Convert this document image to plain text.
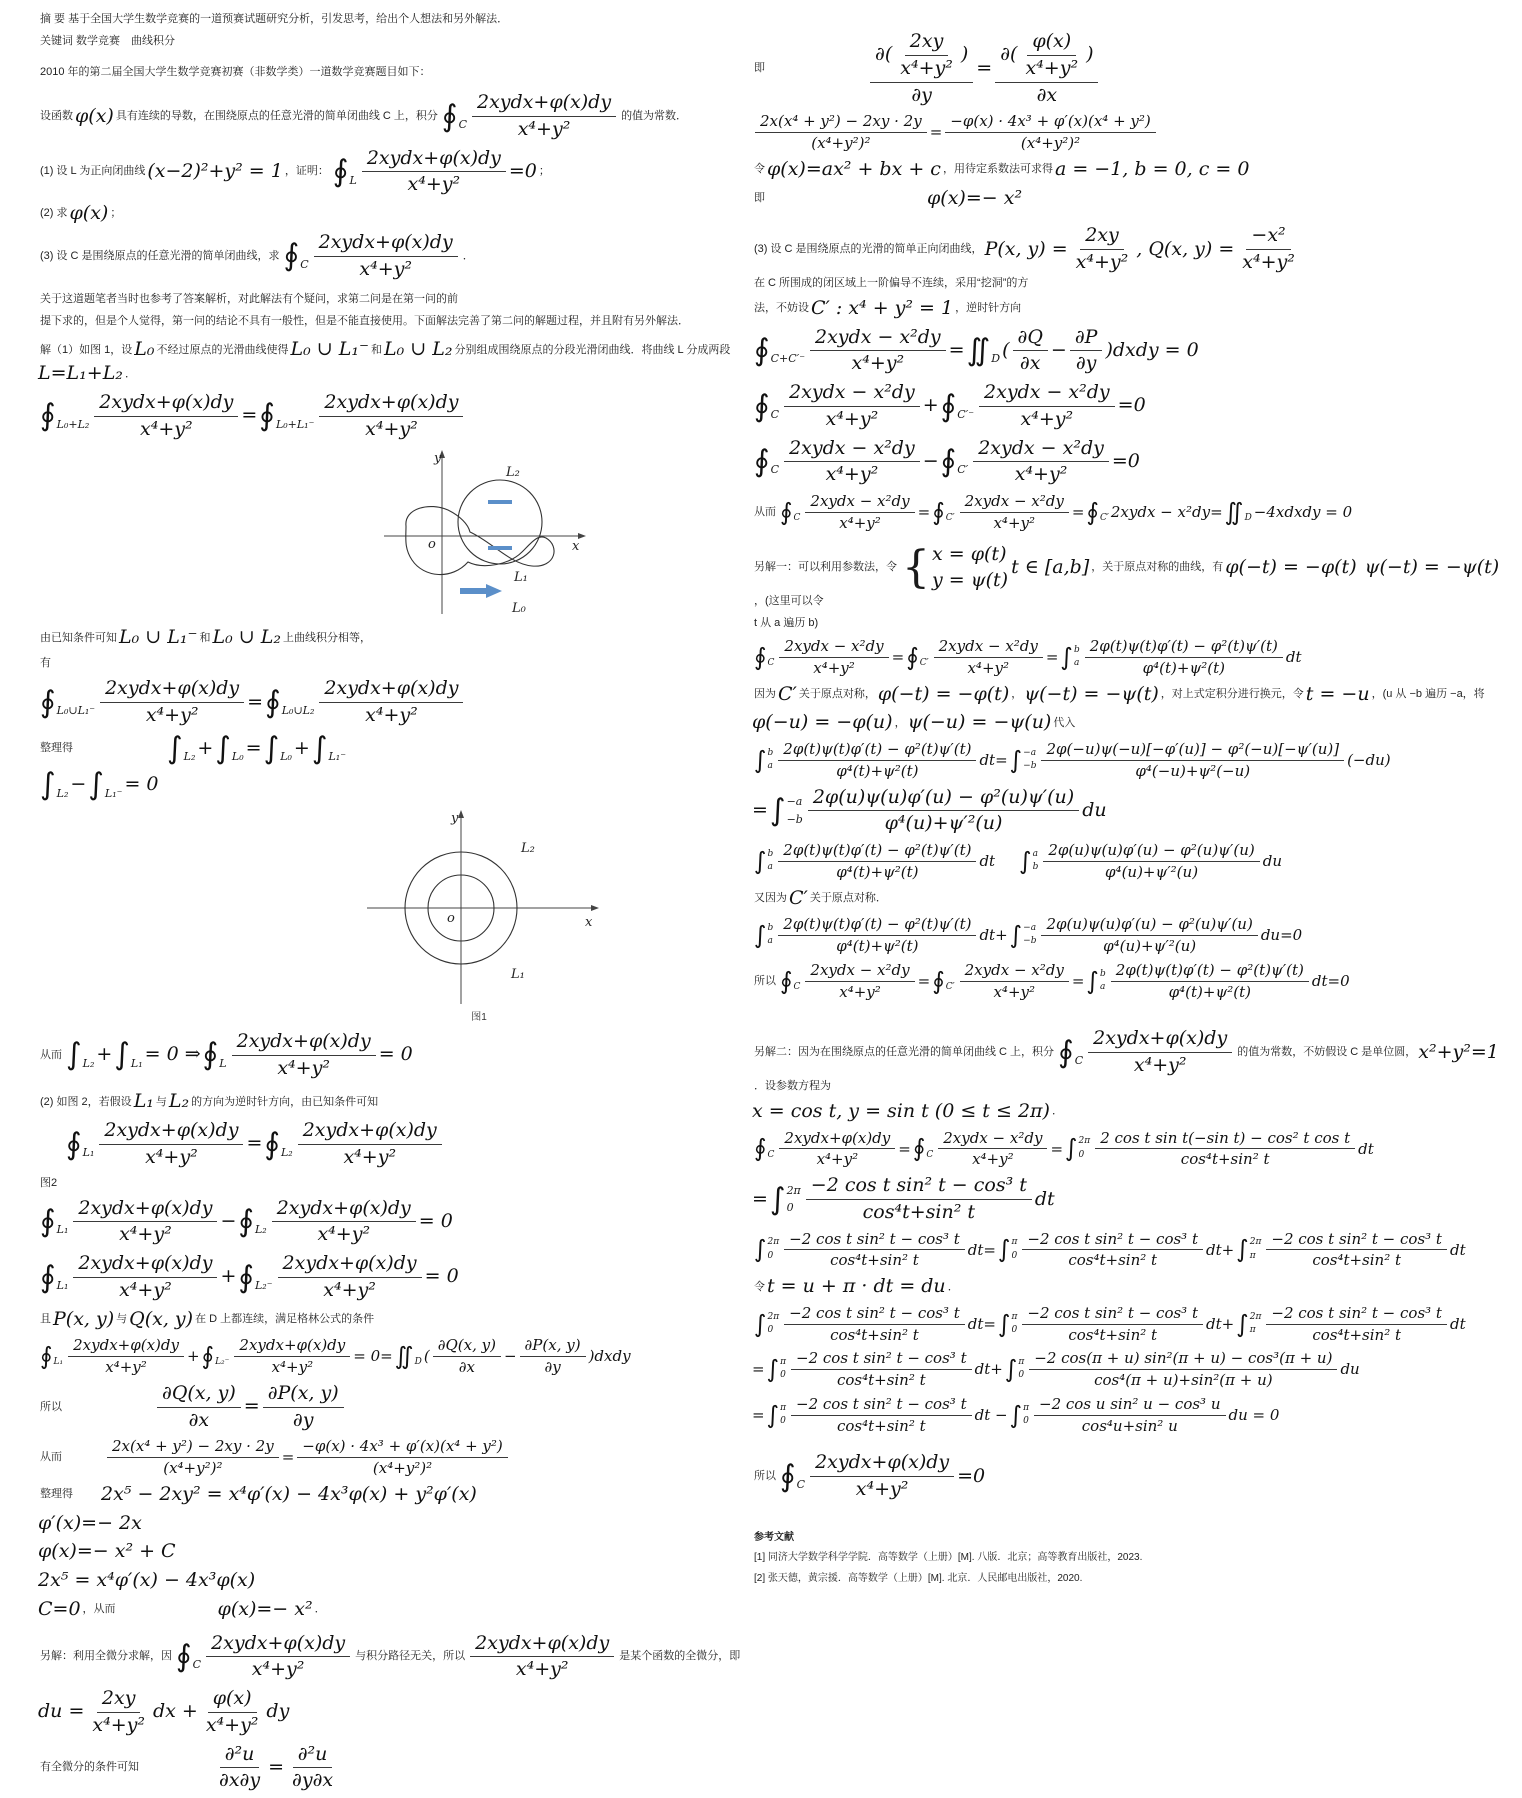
摘 要 基于全国大学生数学竞赛的一道预赛试题研究分析，引发思考，给出个人想法和另外解法．
关键词 数学竞赛　曲线积分
2010 年的第二届全国大学生数学竞赛初赛（非数学类）一道数学竞赛题目如下：
设函数 φ(x) 具有连续的导数，在围绕原点的任意光滑的简单闭曲线 C 上，积分 ∮ C $\frac{\text{2xydx+φ(x)dy}}{\text{x⁴+y²}}$ 的值为常数．
(1) 设 L 为正向闭曲线 (x−2)²+y² = 1 ，证明： ∮ L $\frac{\text{2xydx+φ(x)dy}}{\text{x⁴+y²}} =0$ ；
(2) 求 φ(x) ；
(3) 设 C 是围绕原点的任意光滑的简单闭曲线，求 ∮ C $\frac{\text{2xydx+φ(x)dy}}{\text{x⁴+y²}}$ ．
关于这道题笔者当时也参考了答案解析，对此解法有个疑问，求第二问是在第一问的前
提下求的，但是个人觉得，第一问的结论不具有一般性，但是不能直接使用。下面解法完善了第二问的解题过程，并且附有另外解法．
解（1）如图 1，设 L₀ 不经过原点的光滑曲线使得 L₀ ∪ L₁⁻ 和 L₀ ∪ L₂ 分别组成围绕原点的分段光滑闭曲线．将曲线 L 分成两段
L=L₁+L₂ ．
∮ $L_0+L_2 \frac{\text{2xydx+φ(x)dy}}{\text{x⁴+y²}}$ = ∮ $L_0+L_1^- \frac{\text{2xydx+φ(x)dy}}{\text{x⁴+y²}}$
y
x
o
L₂
L₁
L₀
由已知条件可知 L₀ ∪ L₁⁻ 和 L₀ ∪ L₂ 上曲线积分相等，
有
∮ L₀∪L₁⁻ $\frac{\text{2xydx+φ(x)dy}}{\text{x⁴+y²}}$ = ∮ L₀∪L₂ $\frac{\text{2xydx+φ(x)dy}}{\text{x⁴+y²}}$
整理得	∫ L₂ + ∫ L₀ = ∫ L₀ + ∫ L₁⁻
∫ L₂ − ∫ L₁⁻ = 0
y
x
o
L₂
L₁
图1
从而 ∫ L₂ + ∫ L₁ = 0 ⇒ ∮ L $\frac{\text{2xydx+φ(x)dy}}{\text{x⁴+y²}} = 0$
(2) 如图 2，若假设 L₁ 与 L₂ 的方向为逆时针方向，由已知条件可知
∮ $L_1 \frac{\text{2xydx+φ(x)dy}}{\text{x⁴+y²}}$ = ∮ $L_2 \frac{\text{2xydx+φ(x)dy}}{\text{x⁴+y²}}$
图2
∮ $L_1 \frac{\text{2xydx+φ(x)dy}}{\text{x⁴+y²}}$ − ∮ $L_2 \frac{\text{2xydx+φ(x)dy}}{\text{x⁴+y²}} = 0$
∮ $L_1 \frac{\text{2xydx+φ(x)dy}}{\text{x⁴+y²}}$ + ∮ $L_2^- \frac{\text{2xydx+φ(x)dy}}{\text{x⁴+y²}} = 0$
且 P(x, y) 与 Q(x, y) 在 D 上都连续，满足格林公式的条件
∮ $L_1 \frac{\text{2xydx+φ(x)dy}}{\text{x⁴+y²}}$ + ∮ $L_2^- \frac{\text{2xydx+φ(x)dy}}{\text{x⁴+y²}} = 0=$ ∬ D ( $\frac{\partial Q(x, y)}{\partial x} - \frac{\partial P(x, y)}{\partial y}$ )dxdy
所以	$\frac{\partial Q(x, y)}{\partial x} = \frac{\partial P(x, y)}{\partial y}$
从而	$\frac{\text{2x(x⁴ + y²) − 2xy · 2y}}{\text{(x⁴+y²)²}} = \frac{\text{−φ(x) · 4x³ + φ′(x)(x⁴ + y²)}}{\text{(x⁴+y²)²}}$
整理得 2x⁵ − 2xy² = x⁴φ′(x) − 4x³φ(x) + y²φ′(x)
φ′(x)=− 2x
φ(x)=− x² + C
2x⁵ = x⁴φ′(x) − 4x³φ(x)
C=0 ，从而	φ(x)=− x² ．
另解：利用全微分求解，因 ∮ C $\frac{\text{2xydx+φ(x)dy}}{\text{x⁴+y²}}$ 与积分路径无关，所以 $\frac{\text{2xydx+φ(x)dy}}{\text{x⁴+y²}}$ 是某个函数的全微分，即
du = $\frac{2xy}{\text{x⁴+y²}}$ dx + $\frac{\varphi(x)}{\text{x⁴+y²}}$ dy
有全微分的条件可知	$\frac{\text{∂²u}}{\partial x\partial y} = \frac{\text{∂²u}}{\partial y\partial x}$
即	$\frac{\partial( \frac{2xy}{\text{x⁴+y²}} )}{\partial y} = \frac{\partial( \frac{\varphi(x)}{\text{x⁴+y²}} )}{\partial x}$
$\frac{\text{2x(x⁴ + y²) − 2xy · 2y}}{\text{(x⁴+y²)²}} = \frac{\text{−φ(x) · 4x³ + φ′(x)(x⁴ + y²)}}{\text{(x⁴+y²)²}}$
令 φ(x)=ax² + bx + c ，用待定系数法可求得 a = −1, b = 0, c = 0
即	φ(x)=− x²
(3) 设 C 是围绕原点的光滑的简单正向闭曲线， P(x, $y) = \frac{2xy}{\text{x⁴+y²}}$ , Q(x, $y) = \frac{\text{−x²}}{\text{x⁴+y²}}$
在 C 所围成的闭区域上一阶偏导不连续，采用“挖洞”的方
法，不妨设 C′ : x⁴ + y² = 1 ，逆时针方向
∮ $C+C'^- \frac{\text{2xydx − x²dy}}{\text{x⁴+y²}}$ = ∬ D ( $\frac{\partial Q}{\partial x} - \frac{\partial P}{\partial y}$ )dxdy = 0
∮ C $\frac{\text{2xydx − x²dy}}{\text{x⁴+y²}}$ + ∮ $C'^- \frac{\text{2xydx − x²dy}}{\text{x⁴+y²}} =0$
∮ C $\frac{\text{2xydx − x²dy}}{\text{x⁴+y²}}$ − ∮ $C' \frac{\text{2xydx − x²dy}}{\text{x⁴+y²}} =0$
从而 ∮ C $\frac{\text{2xydx − x²dy}}{\text{x⁴+y²}}$ = ∮ $C' \frac{\text{2xydx − x²dy}}{\text{x⁴+y²}}$ = ∮ C′ 2xydx − x²dy= ∬ D −4xdxdy = 0
另解一：可以利用参数法，令 { x = φ(t)
y = ψ(t)
t ∈ [a,b] ，关于原点对称的曲线，有 φ(−t) = −φ(t) ψ(−t) = −ψ(t)
，(这里可以令
t 从 a 遍历 b)
∮ C $\frac{\text{2xydx − x²dy}}{\text{x⁴+y²}}$ = ∮ $C' \frac{\text{2xydx − x²dy}}{\text{x⁴+y²}}$ = ∫ b
a $\frac{\text{2φ(t)ψ(t)φ′(t) − φ²(t)ψ′(t)}}{\text{φ⁴(t)+ψ²(t)}}$ dt
因为 C′ 关于原点对称， φ(−t) = −φ(t) ， ψ(−t) = −ψ(t) ，对上式定积分进行换元，令 t = −u ，(u 从 −b 遍历 −a，将
φ(−u) = −φ(u) ， ψ(−u) = −ψ(u) 代入
∫ b
a $\frac{\text{2φ(t)ψ(t)φ′(t) − φ²(t)ψ′(t)}}{\text{φ⁴(t)+ψ²(t)}} dt=$ ∫ −a
$-b \frac{\text{2φ(−u)ψ(−u)[−φ′(u)] − φ²(−u)[−ψ′(u)]}}{\text{φ⁴(−u)+ψ²(−u)}} (-du)$
= ∫ −a
$-b \frac{\text{2φ(u)ψ(u)φ′(u) − φ²(u)ψ′(u)}}{\text{φ⁴(u)+ψ′²(u)}}$ du
∫ b
a $\frac{\text{2φ(t)ψ(t)φ′(t) − φ²(t)ψ′(t)}}{\text{φ⁴(t)+ψ²(t)}}$ dt ∫ a
b $\frac{\text{2φ(u)ψ(u)φ′(u) − φ²(u)ψ′(u)}}{\text{φ⁴(u)+ψ′²(u)}}$ du
又因为 C′ 关于原点对称．
∫ b
a $\frac{\text{2φ(t)ψ(t)φ′(t) − φ²(t)ψ′(t)}}{\text{φ⁴(t)+ψ²(t)}} dt+$ ∫ −a
$-b \frac{\text{2φ(u)ψ(u)φ′(u) − φ²(u)ψ′(u)}}{\text{φ⁴(u)+ψ′²(u)}} du=0$
所以 ∮ C $\frac{\text{2xydx − x²dy}}{\text{x⁴+y²}}$ = ∮ $C' \frac{\text{2xydx − x²dy}}{\text{x⁴+y²}}$ = ∫ b
a $\frac{\text{2φ(t)ψ(t)φ′(t) − φ²(t)ψ′(t)}}{\text{φ⁴(t)+ψ²(t)}} dt=0$
另解二：因为在围绕原点的任意光滑的简单闭曲线 C 上，积分 ∮ C $\frac{\text{2xydx+φ(x)dy}}{\text{x⁴+y²}}$ 的值为常数，不妨假设 C 是单位圆， x²+y²=1
．设参数方程为
x = cos t, y = sin t (0 ≤ t ≤ 2π) ．
∮ C $\frac{\text{2xydx+φ(x)dy}}{\text{x⁴+y²}}$ = ∮ C $\frac{\text{2xydx − x²dy}}{\text{x⁴+y²}}$ = ∫ 2π
$0 \frac{\text{2 cos t sin t(−sin t) − cos² t cos t}}{\text{cos⁴t+sin² t}}$ dt
= ∫ 2π
$0 \frac{\text{−2 cos t sin² t − cos³ t}}{\text{cos⁴t+sin² t}}$ dt
∫ 2π
$0 \frac{\text{−2 cos t sin² t − cos³ t}}{\text{cos⁴t+sin² t}} dt=$ ∫ π
$0 \frac{\text{−2 cos t sin² t − cos³ t}}{\text{cos⁴t+sin² t}} dt+$ ∫ 2π
π $\frac{\text{−2 cos t sin² t − cos³ t}}{\text{cos⁴t+sin² t}}$ dt
令 t = u + π · dt = du ．
∫ 2π
$0 \frac{\text{−2 cos t sin² t − cos³ t}}{\text{cos⁴t+sin² t}} dt=$ ∫ π
$0 \frac{\text{−2 cos t sin² t − cos³ t}}{\text{cos⁴t+sin² t}} dt+$ ∫ 2π
π $\frac{\text{−2 cos t sin² t − cos³ t}}{\text{cos⁴t+sin² t}}$ dt
= ∫ π
$0 \frac{\text{−2 cos t sin² t − cos³ t}}{\text{cos⁴t+sin² t}} dt+$ ∫ π
$0 \frac{\text{−2 cos(π + u) sin²(π + u) − cos³(π + u)}}{\text{cos⁴(π + u)+sin²(π + u)}}$ du
= ∫ π
$0 \frac{\text{−2 cos t sin² t − cos³ t}}{\text{cos⁴t+sin² t}}$ dt − ∫ π
$0 \frac{\text{−2 cos u sin² u − cos³ u}}{\text{cos⁴u+sin² u}}$ du = 0
所以 ∮ C $\frac{\text{2xydx+φ(x)dy}}{\text{x⁴+y²}} =0$
参考文献
[1] 同济大学数学科学学院．高等数学（上册）[M]. 八版．北京；高等教育出版社，2023.
[2] 张天德，黄宗援．高等数学（上册）[M]. 北京．人民邮电出版社，2020.
